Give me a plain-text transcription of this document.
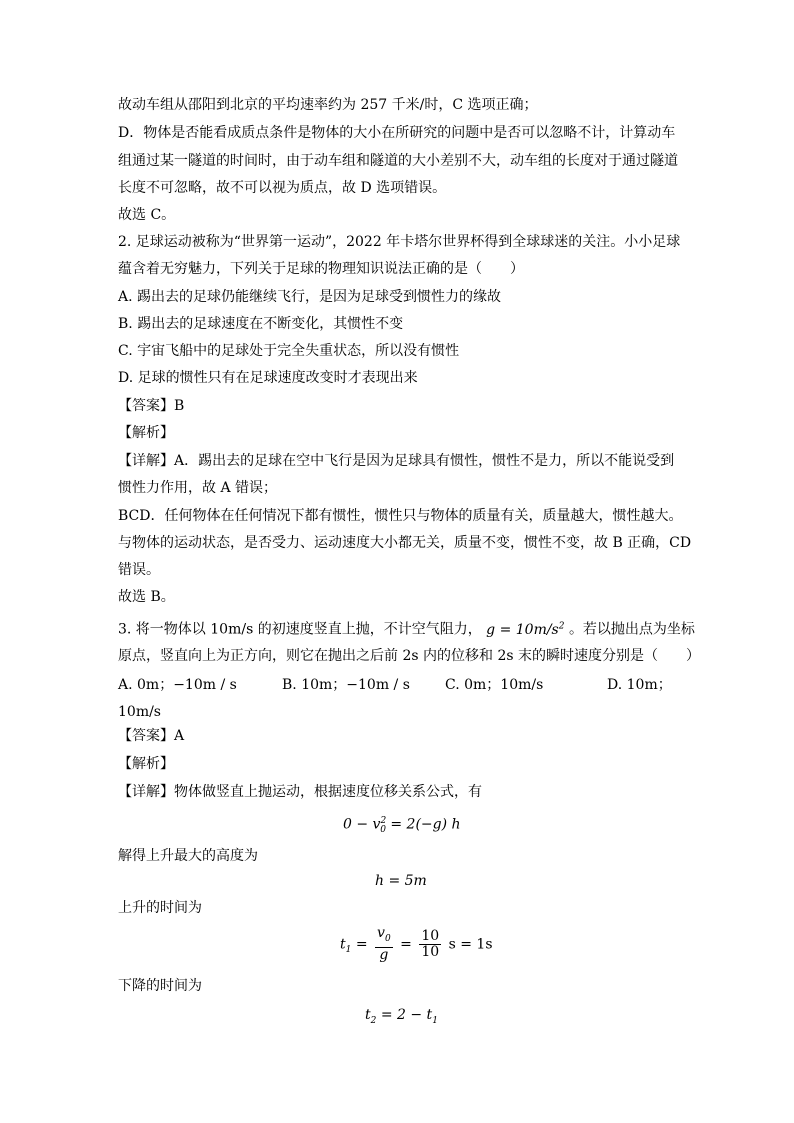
故动车组从邵阳到北京的平均速率约为 257 千米/时，C 选项正确；
D．物体是否能看成质点条件是物体的大小在所研究的问题中是否可以忽略不计，计算动车
组通过某一隧道的时间时，由于动车组和隧道的大小差别不大，动车组的长度对于通过隧道
长度不可忽略，故不可以视为质点，故 D 选项错误。
故选 C。
2. 足球运动被称为“世界第一运动”，2022 年卡塔尔世界杯得到全球球迷的关注。小小足球
蕴含着无穷魅力，下列关于足球的物理知识说法正确的是（　　）
A. 踢出去的足球仍能继续飞行，是因为足球受到惯性力的缘故
B. 踢出去的足球速度在不断变化，其惯性不变
C. 宇宙飞船中的足球处于完全失重状态，所以没有惯性
D. 足球的惯性只有在足球速度改变时才表现出来
【答案】B
【解析】
【详解】A．踢出去的足球在空中飞行是因为足球具有惯性，惯性不是力，所以不能说受到
惯性力作用，故 A 错误；
BCD．任何物体在任何情况下都有惯性，惯性只与物体的质量有关，质量越大，惯性越大。
与物体的运动状态，是否受力、运动速度大小都无关，质量不变，惯性不变，故 B 正确，CD
错误。
故选 B。
3. 将一物体以 10m/s 的初速度竖直上抛，不计空气阻力， $g = 10m/s^2$ 。若以抛出点为坐标
原点，竖直向上为正方向，则它在抛出之后前 2s 内的位移和 2s 末的瞬时速度分别是（　　）
A. 0m；−10m / s	B. 10m；−10m / s	C. 0m；10m/s	D. 10m；
10m/s
【答案】A
【解析】
【详解】物体做竖直上抛运动，根据速度位移关系公式，有
$0 - v^2_0 = 2(-g)$ h
解得上升最大的高度为
h = 5m
上升的时间为
$t_1 = \frac{v_0}{g} = \frac{10}{10}$ s = 1s
下降的时间为
$t_2 = 2 - t_1$
